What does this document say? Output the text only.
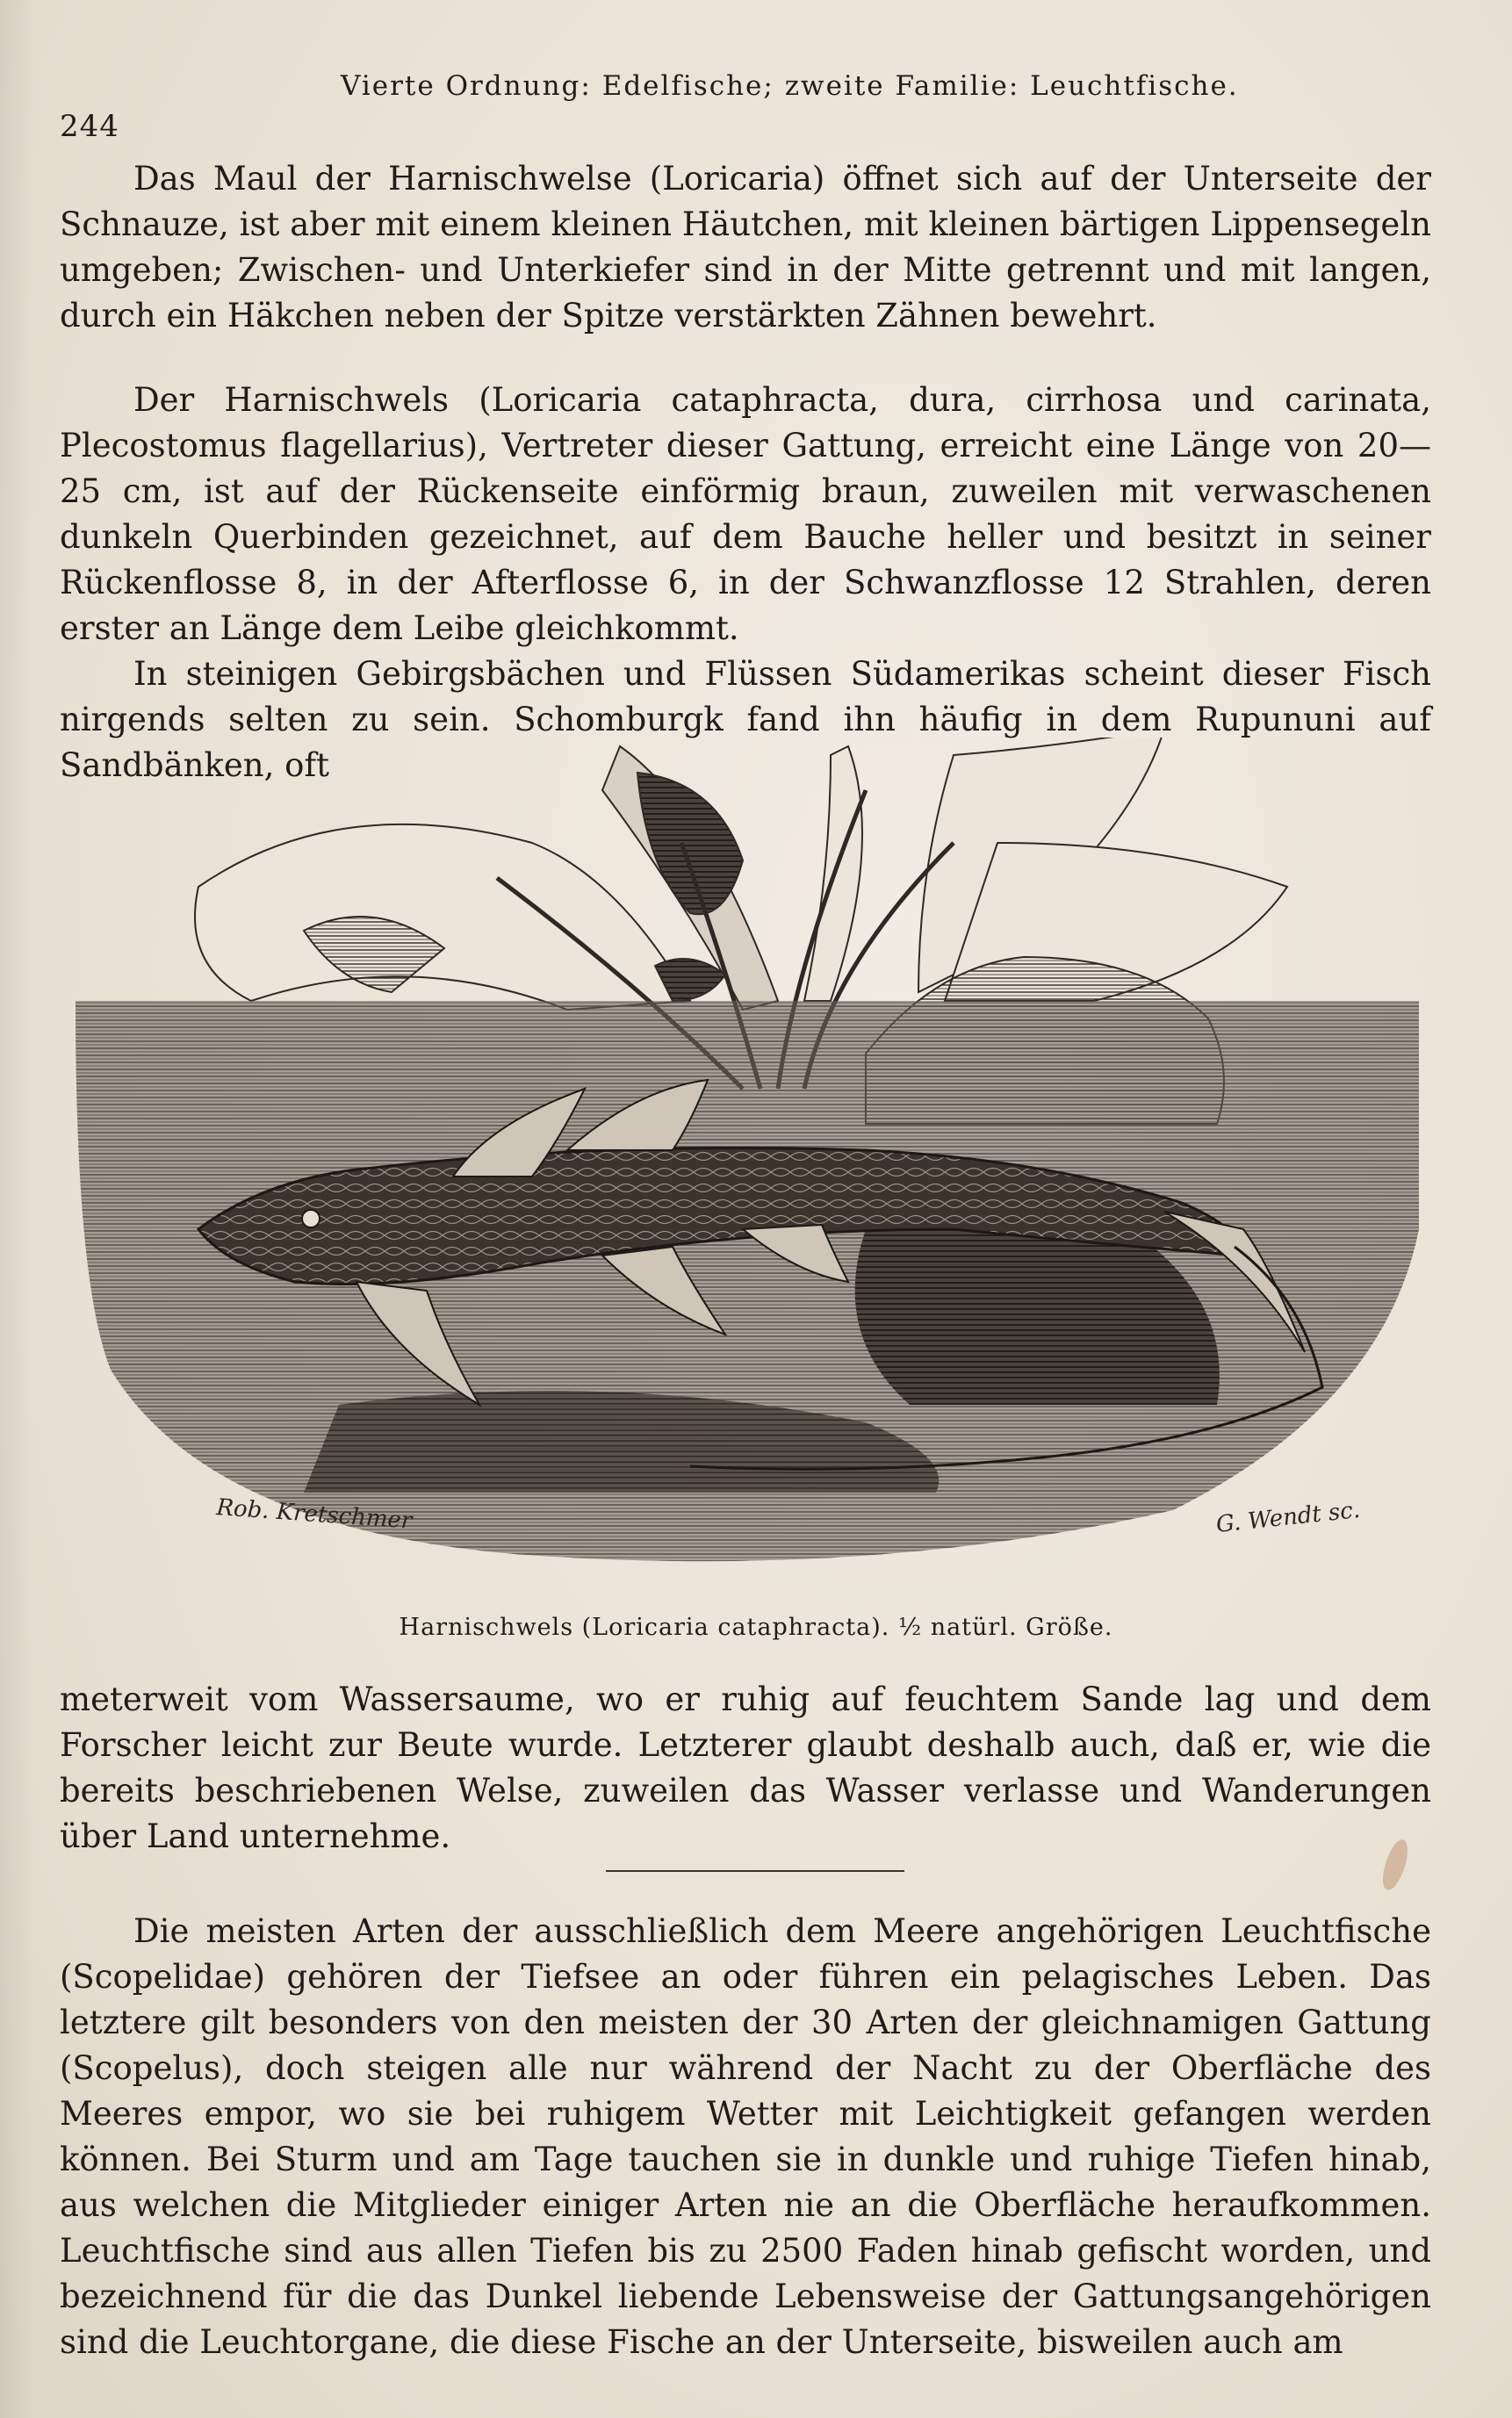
244
Vierte Ordnung: Edelfische; zweite Familie: Leuchtfische.

Das Maul der Harnischwelse (Loricaria) öffnet sich auf der Unterseite der Schnauze, ist aber mit einem kleinen Häutchen, mit kleinen bärtigen Lippensegeln umgeben; Zwischen- und Unterkiefer sind in der Mitte getrennt und mit langen, durch ein Häkchen neben der Spitze verstärkten Zähnen bewehrt.

Der Harnischwels (Loricaria cataphracta, dura, cirrhosa und carinata, Plecostomus flagellarius), Vertreter dieser Gattung, erreicht eine Länge von 20—25 cm, ist auf der Rückenseite einförmig braun, zuweilen mit verwaschenen dunkeln Querbinden gezeichnet, auf dem Bauche heller und besitzt in seiner Rückenflosse 8, in der Afterflosse 6, in der Schwanzflosse 12 Strahlen, deren erster an Länge dem Leibe gleichkommt.

In steinigen Gebirgsbächen und Flüssen Südamerikas scheint dieser Fisch nirgends selten zu sein. Schomburgk fand ihn häufig in dem Rupununi auf Sandbänken, oft

Rob. Kretschmer	G. Wendt sc.
Harnischwels (Loricaria cataphracta). ½ natürl. Größe.

meterweit vom Wassersaume, wo er ruhig auf feuchtem Sande lag und dem Forscher leicht zur Beute wurde. Letzterer glaubt deshalb auch, daß er, wie die bereits beschriebenen Welse, zuweilen das Wasser verlasse und Wanderungen über Land unternehme.

Die meisten Arten der ausschließlich dem Meere angehörigen Leuchtfische (Scopelidae) gehören der Tiefsee an oder führen ein pelagisches Leben. Das letztere gilt besonders von den meisten der 30 Arten der gleichnamigen Gattung (Scopelus), doch steigen alle nur während der Nacht zu der Oberfläche des Meeres empor, wo sie bei ruhigem Wetter mit Leichtigkeit gefangen werden können. Bei Sturm und am Tage tauchen sie in dunkle und ruhige Tiefen hinab, aus welchen die Mitglieder einiger Arten nie an die Oberfläche heraufkommen. Leuchtfische sind aus allen Tiefen bis zu 2500 Faden hinab gefischt worden, und bezeichnend für die das Dunkel liebende Lebensweise der Gattungsangehörigen sind die Leuchtorgane, die diese Fische an der Unterseite, bisweilen auch am
